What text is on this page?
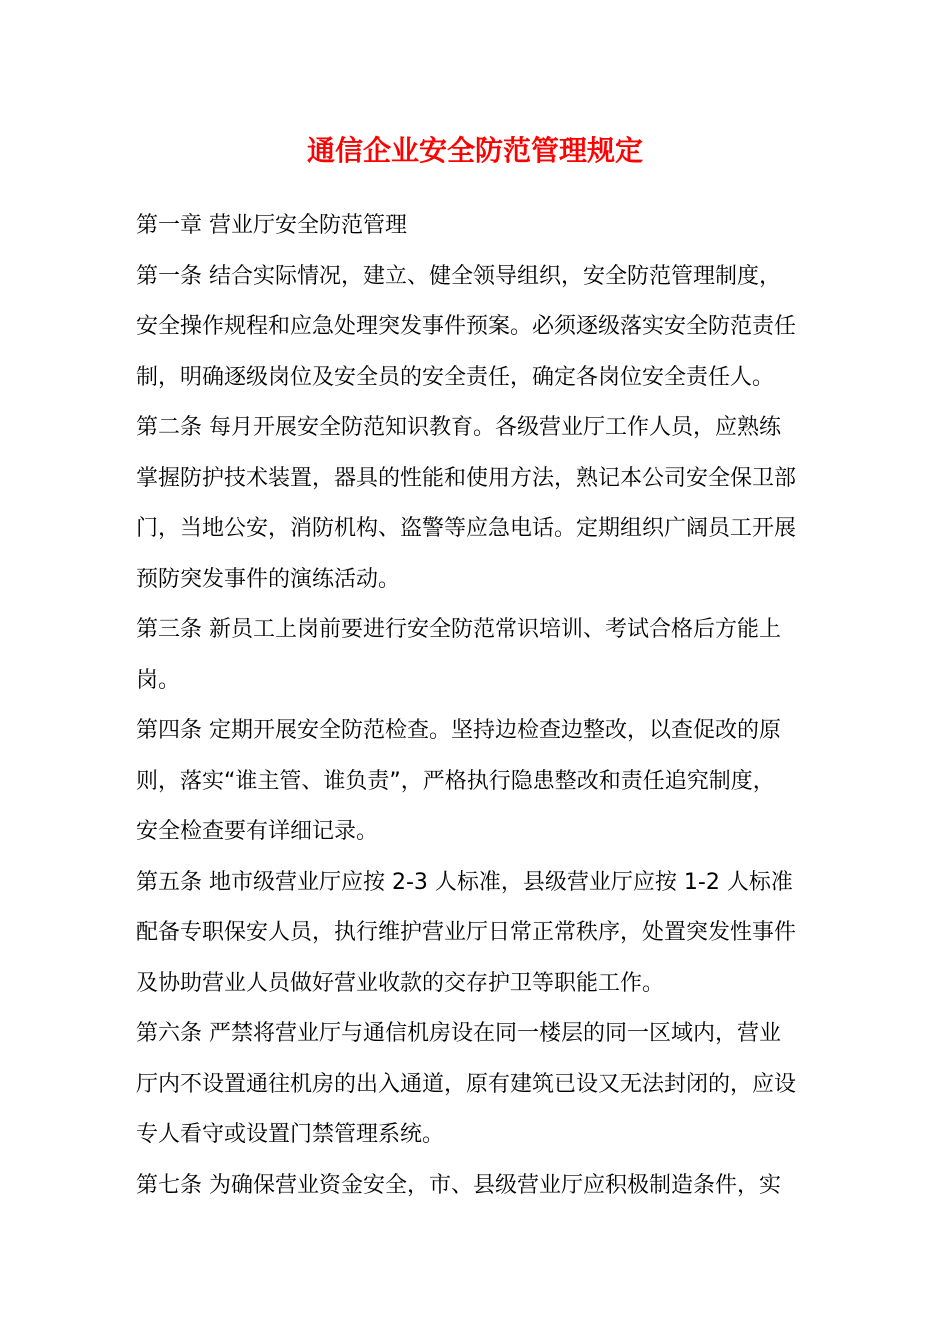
通信企业安全防范管理规定
第一章 营业厅安全防范管理
第一条 结合实际情况，建立、健全领导组织，安全防范管理制度，
安全操作规程和应急处理突发事件预案。必须逐级落实安全防范责任
制，明确逐级岗位及安全员的安全责任，确定各岗位安全责任人。
第二条 每月开展安全防范知识教育。各级营业厅工作人员，应熟练
掌握防护技术装置，器具的性能和使用方法，熟记本公司安全保卫部
门，当地公安，消防机构、盗警等应急电话。定期组织广阔员工开展
预防突发事件的演练活动。
第三条 新员工上岗前要进行安全防范常识培训、考试合格后方能上
岗。
第四条 定期开展安全防范检查。坚持边检查边整改，以查促改的原
则，落实“谁主管、谁负责”，严格执行隐患整改和责任追究制度，
安全检查要有详细记录。
第五条 地市级营业厅应按 2-3 人标准，县级营业厅应按 1-2 人标准
配备专职保安人员，执行维护营业厅日常正常秩序，处置突发性事件
及协助营业人员做好营业收款的交存护卫等职能工作。
第六条 严禁将营业厅与通信机房设在同一楼层的同一区域内，营业
厅内不设置通往机房的出入通道，原有建筑已设又无法封闭的，应设
专人看守或设置门禁管理系统。
第七条 为确保营业资金安全，市、县级营业厅应积极制造条件，实
